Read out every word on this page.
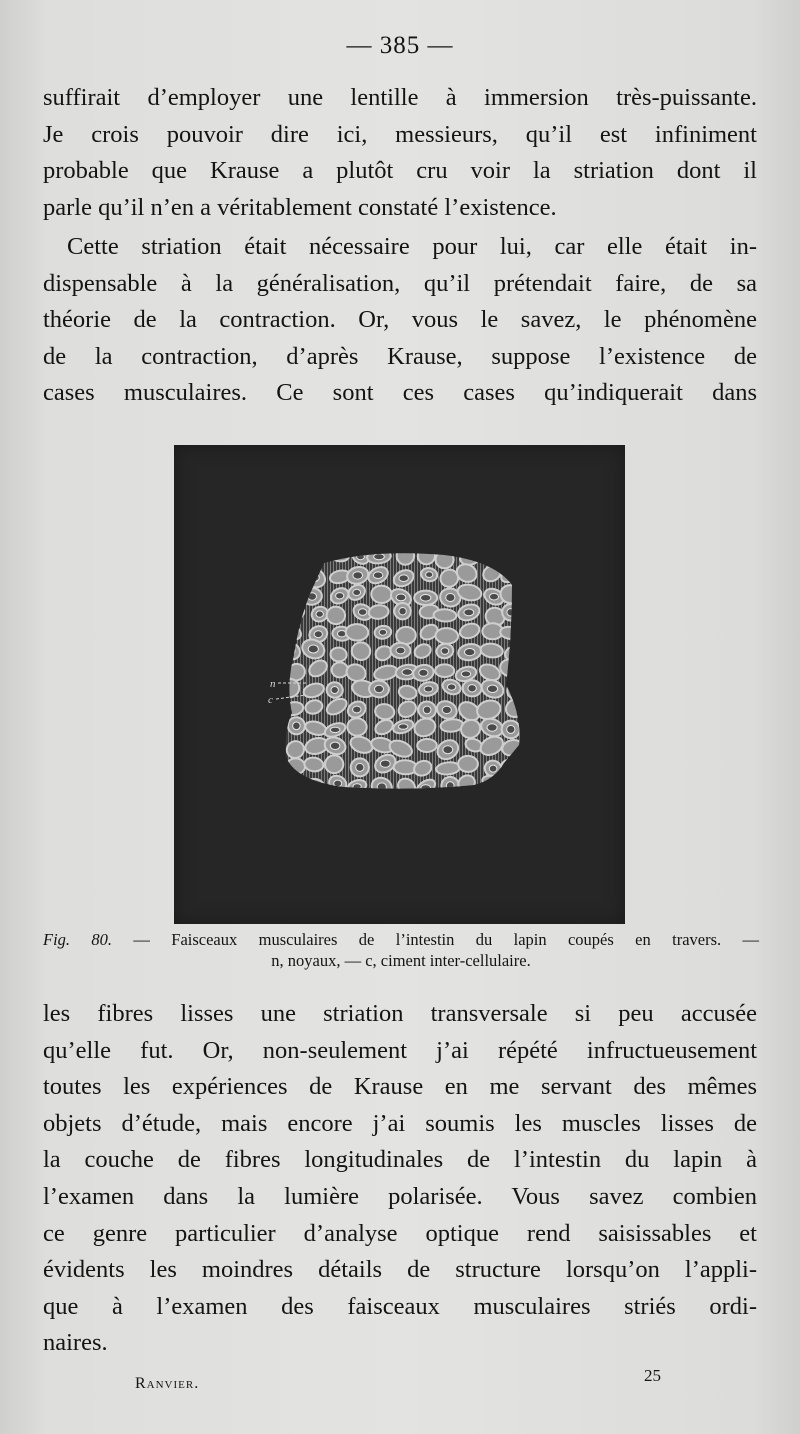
— 385 —
suffirait d’employer une lentille à immersion très-puissante.
Je crois pouvoir dire ici, messieurs, qu’il est infiniment
probable que Krause a plutôt cru voir la striation dont il
parle qu’il n’en a véritablement constaté l’existence.
Cette striation était nécessaire pour lui, car elle était in-
dispensable à la généralisation, qu’il prétendait faire, de sa
théorie de la contraction. Or, vous le savez, le phénomène
de la contraction, d’après Krause, suppose l’existence de
cases musculaires. Ce sont ces cases qu’indiquerait dans
n
c
Fig. 80. — Faisceaux musculaires de l’intestin du lapin coupés en travers. —
n, noyaux, — c, ciment inter-cellulaire.
les fibres lisses une striation transversale si peu accusée
qu’elle fut. Or, non-seulement j’ai répété infructueusement
toutes les expériences de Krause en me servant des mêmes
objets d’étude, mais encore j’ai soumis les muscles lisses de
la couche de fibres longitudinales de l’intestin du lapin à
l’examen dans la lumière polarisée. Vous savez combien
ce genre particulier d’analyse optique rend saisissables et
évidents les moindres détails de structure lorsqu’on l’appli-
que à l’examen des faisceaux musculaires striés ordi-
naires.
Ranvier.	25
